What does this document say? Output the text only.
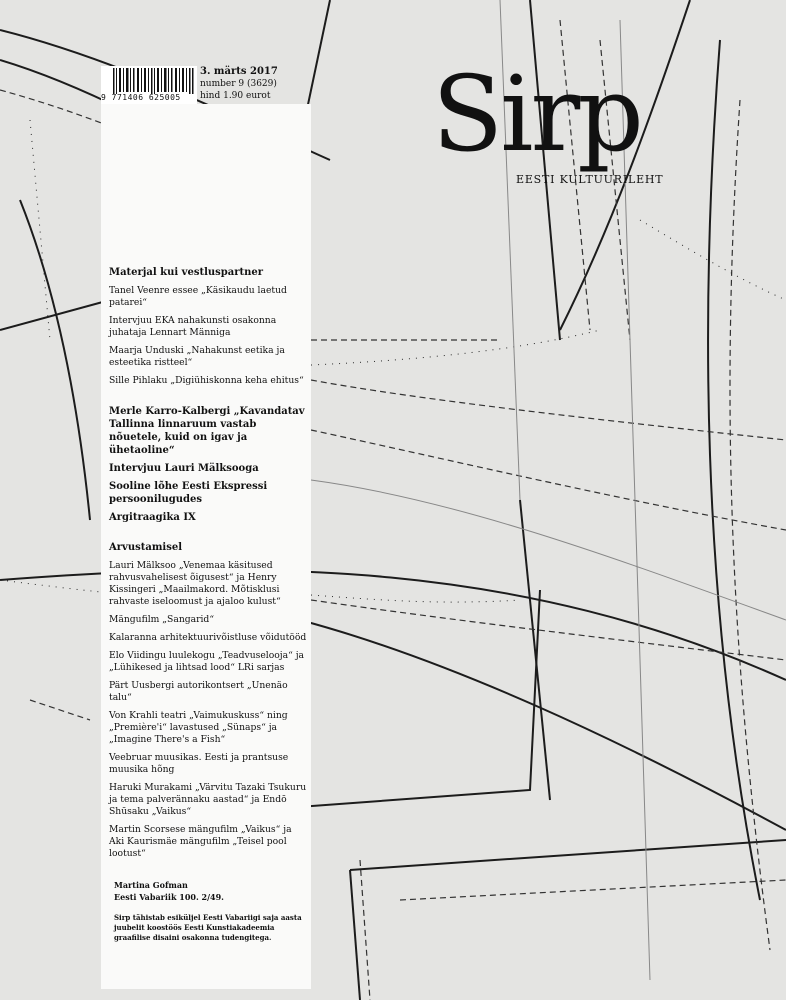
9 771406 625005
3. märts 2017
number 9 (3629)
hind 1.90 eurot Sirp
EESTI KULTUURILEHT
Materjal kui vestluspartner
Tanel Veenre essee „Käsikaudu laetud patarei“
Intervjuu EKA nahakunsti osakonna juhataja Lennart Männiga
Maarja Unduski „Nahakunst eetika ja esteetika ristteel“
Sille Pihlaku „Digiühiskonna keha ehitus“
Merle Karro-Kalbergi „Kavandatav Tallinna linnaruum vastab nõuetele, kuid on igav ja ühetaoline“
Intervjuu Lauri Mälksooga
Sooline lõhe Eesti Ekspressi persoonilugudes
Argitraagika IX
Arvustamisel
Lauri Mälksoo „Venemaa käsitused rahvusvahelisest õigusest“ ja Henry Kissingeri „Maailmakord. Mõtisklusi rahvaste iseloomust ja ajaloo kulust“
Mängufilm „Sangarid“
Kalaranna arhitektuurivõistluse võidutööd
Elo Viidingu luulekogu „Teadvuselooja“ ja „Lühikesed ja lihtsad lood“ LRi sarjas
Pärt Uusbergi autorikontsert „Unenäo talu“
Von Krahli teatri „Vaimukuskuss“ ning „Première'i“ lavastused „Sünaps“ ja „Imagine There's a Fish“
Veebruar muusikas. Eesti ja prantsuse muusika hõng
Haruki Murakami „Värvitu Tazaki Tsukuru ja tema palverännaku aastad“ ja Endō Shūsaku „Vaikus“
Martin Scorsese mängufilm „Vaikus“ ja Aki Kaurismäe mängufilm „Teisel pool lootust“
Martina Gofman
Eesti Vabariik 100. 2/49.
Sirp tähistab esiküljel Eesti Vabariigi saja aasta juubelit koostöös Eesti Kunstiakadeemia graafilise disaini osakonna tudengitega.
